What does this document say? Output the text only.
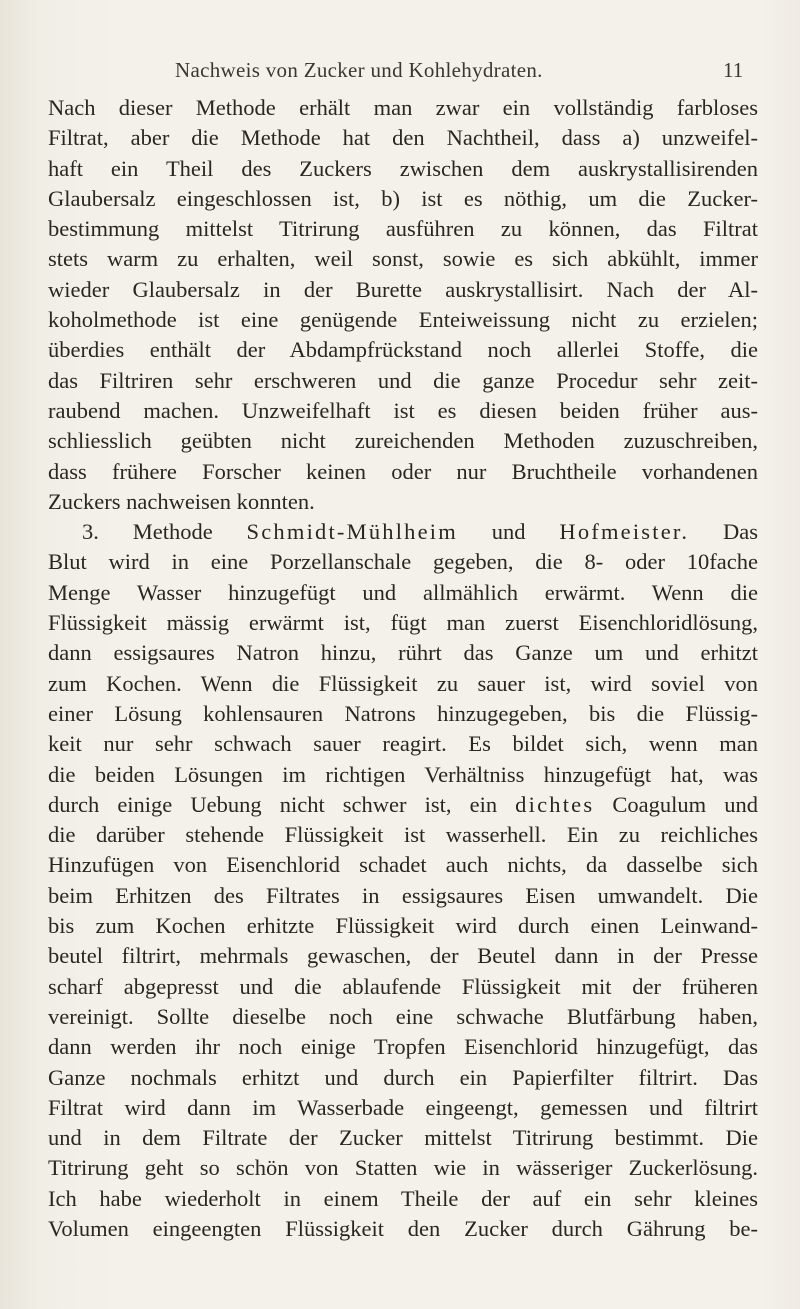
Nachweis von Zucker und Kohlehydraten.	11
Nach dieser Methode erhält man zwar ein vollständig farbloses
Filtrat, aber die Methode hat den Nachtheil, dass a) unzweifel-
haft ein Theil des Zuckers zwischen dem auskrystallisirenden
Glaubersalz eingeschlossen ist, b) ist es nöthig, um die Zucker-
bestimmung mittelst Titrirung ausführen zu können, das Filtrat
stets warm zu erhalten, weil sonst, sowie es sich abkühlt, immer
wieder Glaubersalz in der Burette auskrystallisirt. Nach der Al-
koholmethode ist eine genügende Enteiweissung nicht zu erzielen;
überdies enthält der Abdampfrückstand noch allerlei Stoffe, die
das Filtriren sehr erschweren und die ganze Procedur sehr zeit-
raubend machen. Unzweifelhaft ist es diesen beiden früher aus-
schliesslich geübten nicht zureichenden Methoden zuzuschreiben,
dass frühere Forscher keinen oder nur Bruchtheile vorhandenen
Zuckers nachweisen konnten.
3. Methode Schmidt-Mühlheim und Hofmeister. Das
Blut wird in eine Porzellanschale gegeben, die 8- oder 10fache
Menge Wasser hinzugefügt und allmählich erwärmt. Wenn die
Flüssigkeit mässig erwärmt ist, fügt man zuerst Eisenchloridlösung,
dann essigsaures Natron hinzu, rührt das Ganze um und erhitzt
zum Kochen. Wenn die Flüssigkeit zu sauer ist, wird soviel von
einer Lösung kohlensauren Natrons hinzugegeben, bis die Flüssig-
keit nur sehr schwach sauer reagirt. Es bildet sich, wenn man
die beiden Lösungen im richtigen Verhältniss hinzugefügt hat, was
durch einige Uebung nicht schwer ist, ein dichtes Coagulum und
die darüber stehende Flüssigkeit ist wasserhell. Ein zu reichliches
Hinzufügen von Eisenchlorid schadet auch nichts, da dasselbe sich
beim Erhitzen des Filtrates in essigsaures Eisen umwandelt. Die
bis zum Kochen erhitzte Flüssigkeit wird durch einen Leinwand-
beutel filtrirt, mehrmals gewaschen, der Beutel dann in der Presse
scharf abgepresst und die ablaufende Flüssigkeit mit der früheren
vereinigt. Sollte dieselbe noch eine schwache Blutfärbung haben,
dann werden ihr noch einige Tropfen Eisenchlorid hinzugefügt, das
Ganze nochmals erhitzt und durch ein Papierfilter filtrirt. Das
Filtrat wird dann im Wasserbade eingeengt, gemessen und filtrirt
und in dem Filtrate der Zucker mittelst Titrirung bestimmt. Die
Titrirung geht so schön von Statten wie in wässeriger Zuckerlösung.
Ich habe wiederholt in einem Theile der auf ein sehr kleines
Volumen eingeengten Flüssigkeit den Zucker durch Gährung be-
